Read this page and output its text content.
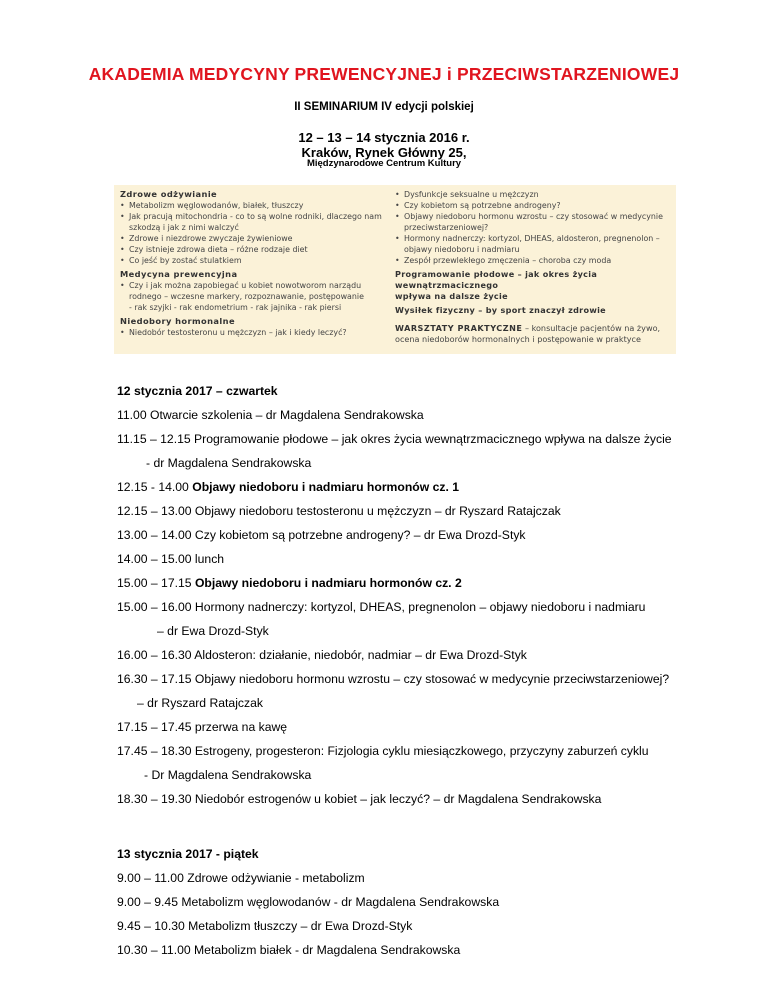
AKADEMIA MEDYCYNY PREWENCYJNEJ i PRZECIWSTARZENIOWEJ
II SEMINARIUM IV edycji polskiej
12 – 13 – 14 stycznia 2016 r.
Kraków, Rynek Główny 25,
Międzynarodowe Centrum Kultury
Zdrowe odżywianie
• Metabolizm węglowodanów, białek, tłuszczy
• Jak pracują mitochondria - co to są wolne rodniki, dlaczego nam
szkodzą i jak z nimi walczyć
• Zdrowe i niezdrowe zwyczaje żywieniowe
• Czy istnieje zdrowa dieta – różne rodzaje diet
• Co jeść by zostać stulatkiem
Medycyna prewencyjna
• Czy i jak można zapobiegać u kobiet nowotworom narządu
rodnego – wczesne markery, rozpoznawanie, postępowanie
- rak szyjki - rak endometrium - rak jajnika - rak piersi
Niedobory hormonalne
• Niedobór testosteronu u mężczyzn – jak i kiedy leczyć?
• Dysfunkcje seksualne u mężczyzn
• Czy kobietom są potrzebne androgeny?
• Objawy niedoboru hormonu wzrostu – czy stosować w medycynie
przeciwstarzeniowej?
• Hormony nadnerczy: kortyzol, DHEAS, aldosteron, pregnenolon –
objawy niedoboru i nadmiaru
• Zespół przewlekłego zmęczenia – choroba czy moda
Programowanie płodowe – jak okres życia wewnątrzmacicznego
wpływa na dalsze życie
Wysiłek fizyczny – by sport znaczył zdrowie
WARSZTATY PRAKTYCZNE – konsultacje pacjentów na żywo,
ocena niedoborów hormonalnych i postępowanie w praktyce
12 stycznia 2017 – czwartek
11.00 Otwarcie szkolenia – dr Magdalena Sendrakowska
11.15 – 12.15 Programowanie płodowe – jak okres życia wewnątrzmacicznego wpływa na dalsze życie
- dr Magdalena Sendrakowska
12.15 - 14.00 Objawy niedoboru i nadmiaru hormonów cz. 1
12.15 – 13.00 Objawy niedoboru testosteronu u mężczyzn – dr Ryszard Ratajczak
13.00 – 14.00 Czy kobietom są potrzebne androgeny? – dr Ewa Drozd-Styk
14.00 – 15.00 lunch
15.00 – 17.15 Objawy niedoboru i nadmiaru hormonów cz. 2
15.00 – 16.00 Hormony nadnerczy: kortyzol, DHEAS, pregnenolon – objawy niedoboru i nadmiaru
– dr Ewa Drozd-Styk
16.00 – 16.30 Aldosteron: działanie, niedobór, nadmiar – dr Ewa Drozd-Styk
16.30 – 17.15 Objawy niedoboru hormonu wzrostu – czy stosować w medycynie przeciwstarzeniowej?
– dr Ryszard Ratajczak
17.15 – 17.45 przerwa na kawę
17.45 – 18.30 Estrogeny, progesteron: Fizjologia cyklu miesiączkowego, przyczyny zaburzeń cyklu
- Dr Magdalena Sendrakowska
18.30 – 19.30 Niedobór estrogenów u kobiet – jak leczyć? – dr Magdalena Sendrakowska
13 stycznia 2017 - piątek
9.00 – 11.00 Zdrowe odżywianie - metabolizm
9.00 – 9.45 Metabolizm węglowodanów - dr Magdalena Sendrakowska
9.45 – 10.30 Metabolizm tłuszczy – dr Ewa Drozd-Styk
10.30 – 11.00 Metabolizm białek - dr Magdalena Sendrakowska
